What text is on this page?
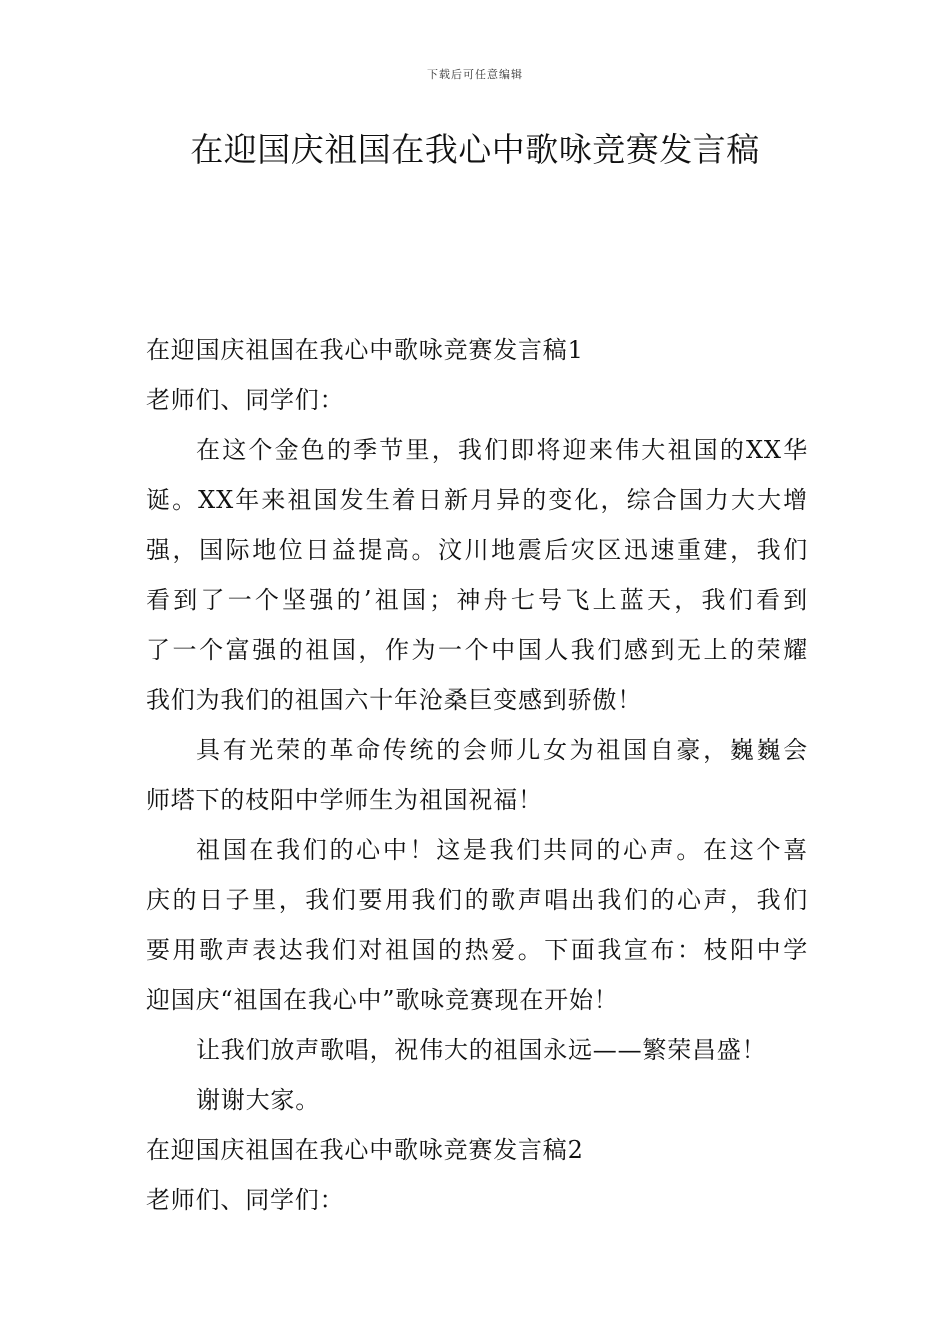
下载后可任意编辑
在迎国庆祖国在我心中歌咏竞赛发言稿
在迎国庆祖国在我心中歌咏竞赛发言稿1
老师们、同学们：
在这个金色的季节里，我们即将迎来伟大祖国的XX华
诞。XX年来祖国发生着日新月异的变化，综合国力大大增
强，国际地位日益提高。汶川地震后灾区迅速重建，我们
看到了一个坚强的’祖国；神舟七号飞上蓝天，我们看到
了一个富强的祖国，作为一个中国人我们感到无上的荣耀
我们为我们的祖国六十年沧桑巨变感到骄傲！
具有光荣的革命传统的会师儿女为祖国自豪，巍巍会
师塔下的枝阳中学师生为祖国祝福！
祖国在我们的心中！这是我们共同的心声。在这个喜
庆的日子里，我们要用我们的歌声唱出我们的心声，我们
要用歌声表达我们对祖国的热爱。下面我宣布：枝阳中学
迎国庆“祖国在我心中”歌咏竞赛现在开始！
让我们放声歌唱，祝伟大的祖国永远——繁荣昌盛！
谢谢大家。
在迎国庆祖国在我心中歌咏竞赛发言稿2
老师们、同学们：
